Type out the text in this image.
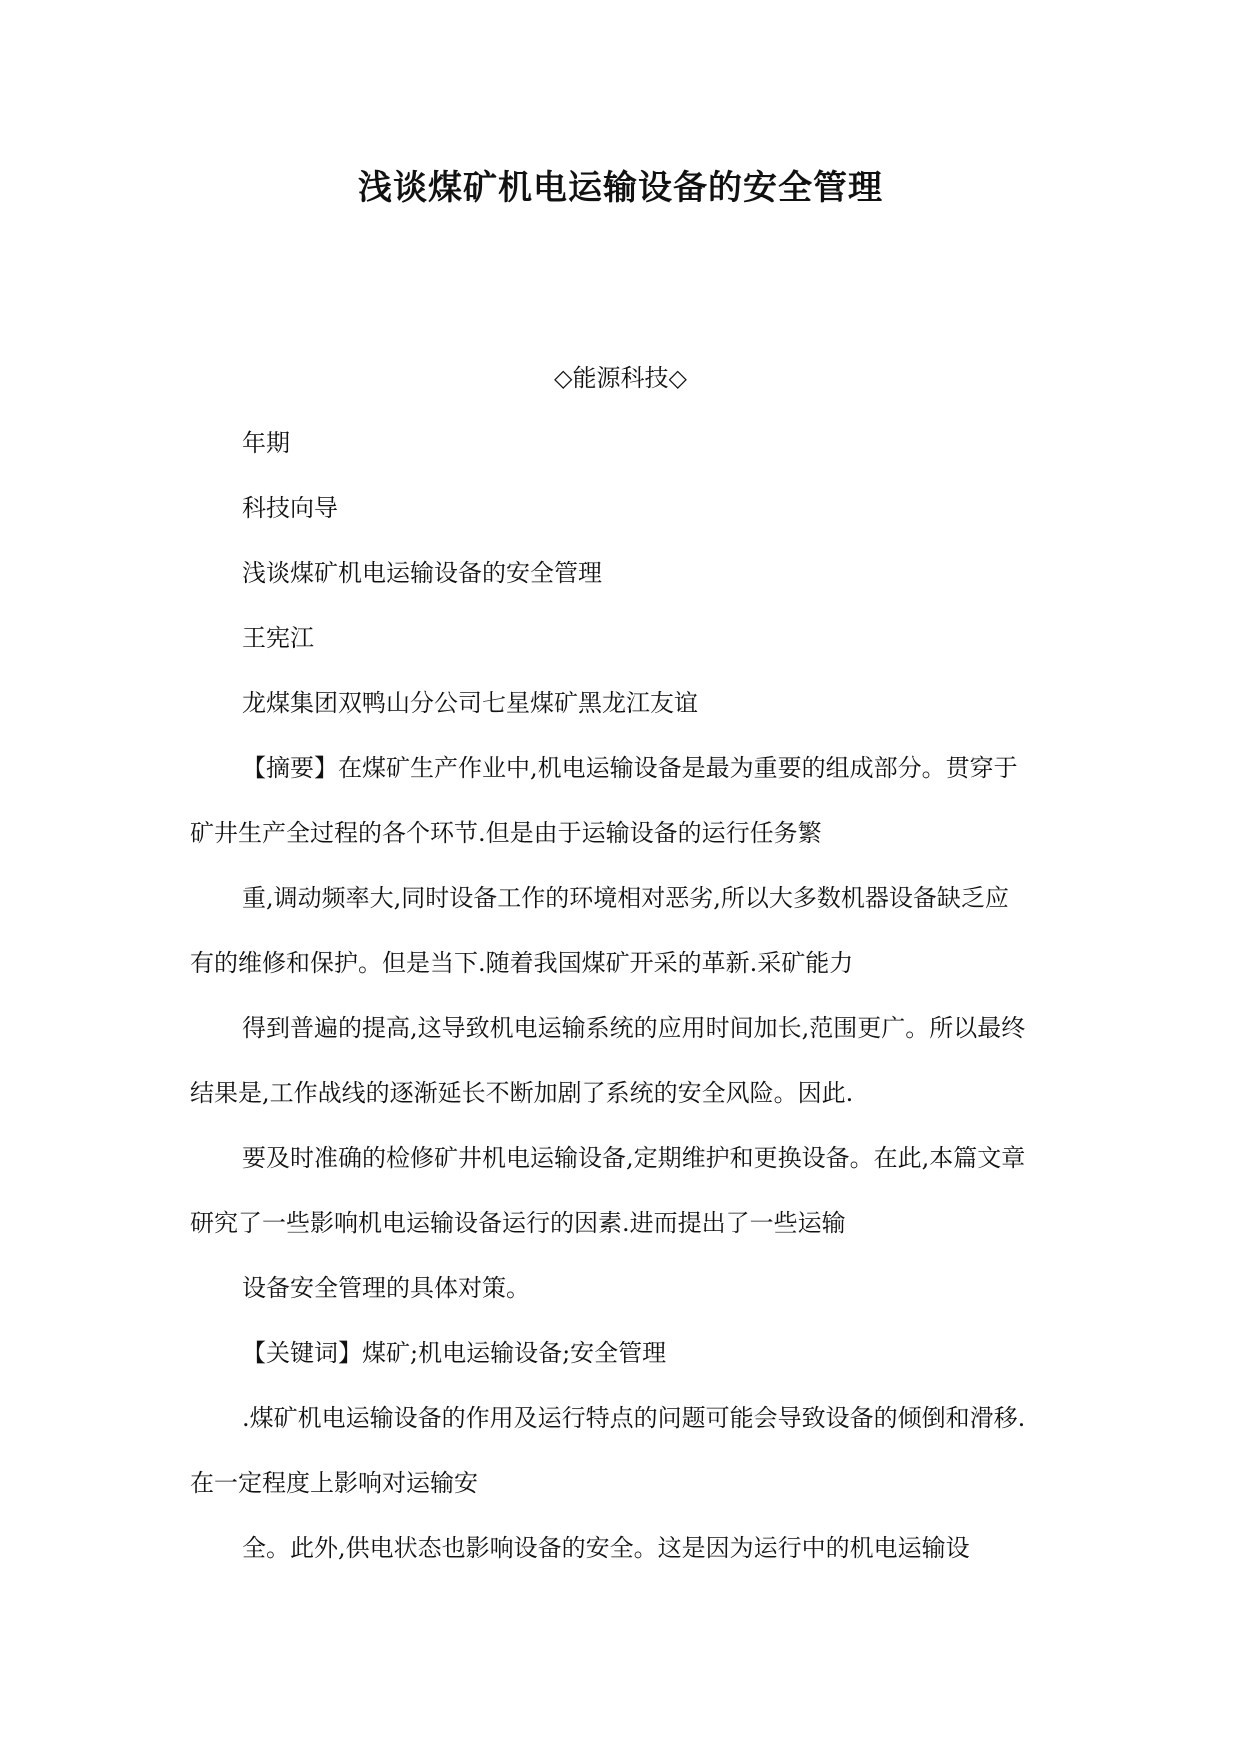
浅谈煤矿机电运输设备的安全管理
◇能源科技◇
年期
科技向导
浅谈煤矿机电运输设备的安全管理
王宪江
龙煤集团双鸭山分公司七星煤矿黑龙江友谊
【摘要】在煤矿生产作业中,机电运输设备是最为重要的组成部分。贯穿于
矿井生产全过程的各个环节.但是由于运输设备的运行任务繁
重,调动频率大,同时设备工作的环境相对恶劣,所以大多数机器设备缺乏应
有的维修和保护。但是当下.随着我国煤矿开采的革新.采矿能力
得到普遍的提高,这导致机电运输系统的应用时间加长,范围更广。所以最终
结果是,工作战线的逐渐延长不断加剧了系统的安全风险。因此.
要及时准确的检修矿井机电运输设备,定期维护和更换设备。在此,本篇文章
研究了一些影响机电运输设备运行的因素.进而提出了一些运输
设备安全管理的具体对策。
【关键词】煤矿;机电运输设备;安全管理
.煤矿机电运输设备的作用及运行特点的问题可能会导致设备的倾倒和滑移.
在一定程度上影响对运输安
全。此外,供电状态也影响设备的安全。这是因为运行中的机电运输设
